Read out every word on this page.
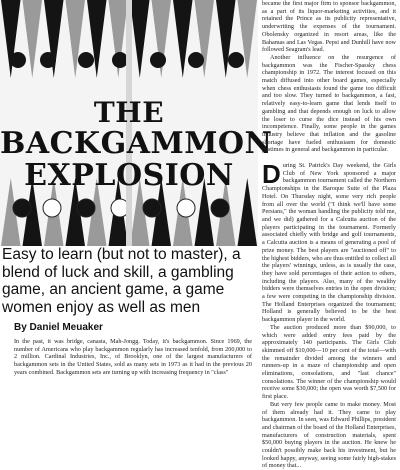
THE
BACKGAMMON
EXPLOSION

Easy to learn (but not to master), a blend of luck and skill, a gambling game, an ancient game, a game women enjoy as well as men

By Daniel Meuaker

In the past, it was bridge, canasta, Mah-Jongg. Today, it's backgammon. Since 1969, the number of Americans who play backgammon regularly has increased tenfold, from 200,000 to 2 million. Cardinal Industries, Inc., of Brooklyn, one of the largest manufacturers of backgammon sets in the United States, sold as many sets in 1973 as it had in the previous 20 years combined. Backgammon sets are turning up with increasing frequency in "class"

became the first major firm to sponsor backgammon, as a part of its liquor-marketing activities, and it retained the Prince as its publicity representative, underwriting the expenses of the tournament. Obolensky organized in resort areas, like the Bahamas and Las Vegas. Pepsi and Dunhill have now followed Seagram's lead.

Another influence on the resurgence of backgammon was the Fischer-Spassky chess championship in 1972. The interest focused on this match diffused into other board games, especially when chess enthusiasts found the game too difficult and too slow. They turned to backgammon, a fast, relatively easy-to-learn game that lends itself to gambling and that depends enough on luck to allow the loser to curse the dice instead of his own incompetence. Finally, some people in the games industry believe that inflation and the gasoline shortage have fueled enthusiasm for domestic pastimes in general and backgammon in particular.

During St. Patrick's Day weekend, the Girls Club of New York sponsored a major backgammon tournament called the Northern Championships in the Baroque Suite of the Plaza Hotel. On Thursday night, some very rich people from all over the world ("I think we'll have some Persians," the woman handling the publicity told me, and we did) gathered for a Calcutta auction of the players participating in the tournament. Formerly associated chiefly with bridge and golf tournaments, a Calcutta auction is a means of generating a pool of prize money. The best players are "auctioned off" to the highest bidders, who are thus entitled to collect all the players' winnings, unless, as is usually the case, they have sold percentages of their action to others, including the players. Also, many of the wealthy bidders were themselves entries in the open division; a few were competing in the championship division. The Holland Enterprises organized the tournament; Holland is generally believed to be the best backgammon player in the world.

The auction produced more than $90,000, to which were added entry fees paid by the approximately 140 participants. The Girls Club skimmed off $10,000—10 per cent of the total—with the remainder divided among the winners and runners-up in a maze of championship and open eliminations, consolations, and "last chance" consolations. The winner of the championship would receive some $30,000; the open was worth $7,500 for first place.

But very few people came to make money. Most of them already had it. They came to play backgammon. In seen, was Edward Phillips, president and chairman of the board of the Holland Enterprises, manufacturers of construction materials, spent $50,000 buying players in the auction. He knew he couldn't possibly make back his investment, but he looked happy, anyway, seeing some fairly high-stakes of money that...
